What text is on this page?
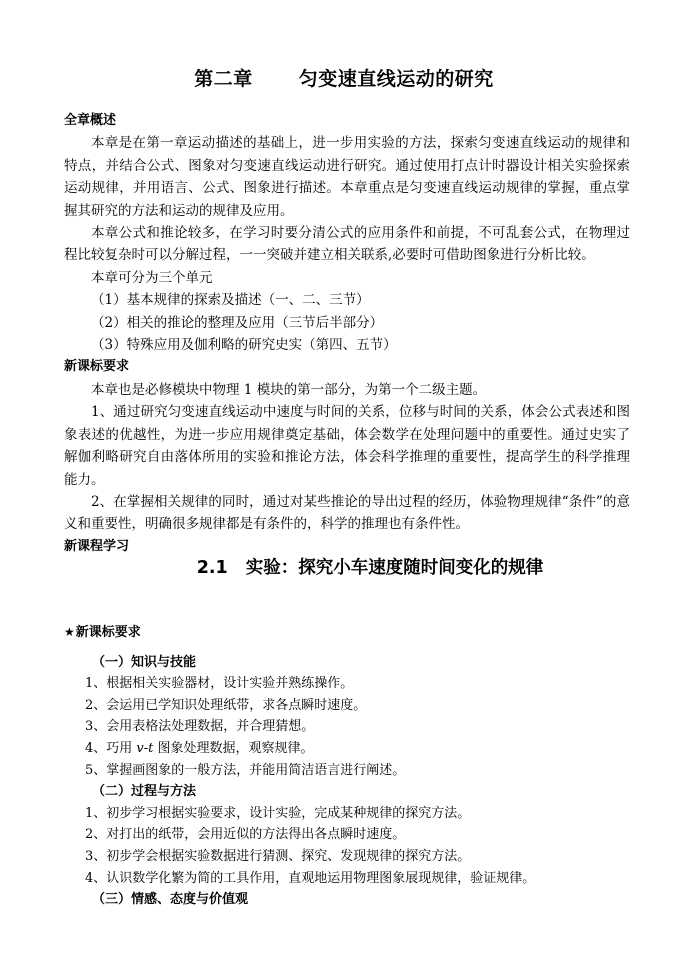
第二章 匀变速直线运动的研究
全章概述
本章是在第一章运动描述的基础上，进一步用实验的方法，探索匀变速直线运动的规律和特点，并结合公式、图象对匀变速直线运动进行研究。通过使用打点计时器设计相关实验探索运动规律，并用语言、公式、图象进行描述。本章重点是匀变速直线运动规律的掌握，重点掌握其研究的方法和运动的规律及应用。
本章公式和推论较多，在学习时要分清公式的应用条件和前提，不可乱套公式，在物理过程比较复杂时可以分解过程，一一突破并建立相关联系,必要时可借助图象进行分析比较。
本章可分为三个单元
（1）基本规律的探索及描述（一、二、三节）
（2）相关的推论的整理及应用（三节后半部分）
（3）特殊应用及伽利略的研究史实（第四、五节）
新课标要求
本章也是必修模块中物理 1 模块的第一部分，为第一个二级主题。
1、通过研究匀变速直线运动中速度与时间的关系，位移与时间的关系，体会公式表述和图象表述的优越性，为进一步应用规律奠定基础，体会数学在处理问题中的重要性。通过史实了解伽利略研究自由落体所用的实验和推论方法，体会科学推理的重要性，提高学生的科学推理能力。
2、在掌握相关规律的同时，通过对某些推论的导出过程的经历，体验物理规律“条件”的意义和重要性，明确很多规律都是有条件的，科学的推理也有条件性。
新课程学习
2.1 实验：探究小车速度随时间变化的规律
★新课标要求
（一）知识与技能
1、根据相关实验器材，设计实验并熟练操作。
2、会运用已学知识处理纸带，求各点瞬时速度。
3、会用表格法处理数据，并合理猜想。
4、巧用 v-t 图象处理数据，观察规律。
5、掌握画图象的一般方法，并能用简洁语言进行阐述。
（二）过程与方法
1、初步学习根据实验要求，设计实验，完成某种规律的探究方法。
2、对打出的纸带，会用近似的方法得出各点瞬时速度。
3、初步学会根据实验数据进行猜测、探究、发现规律的探究方法。
4、认识数学化繁为简的工具作用，直观地运用物理图象展现规律，验证规律。
（三）情感、态度与价值观
